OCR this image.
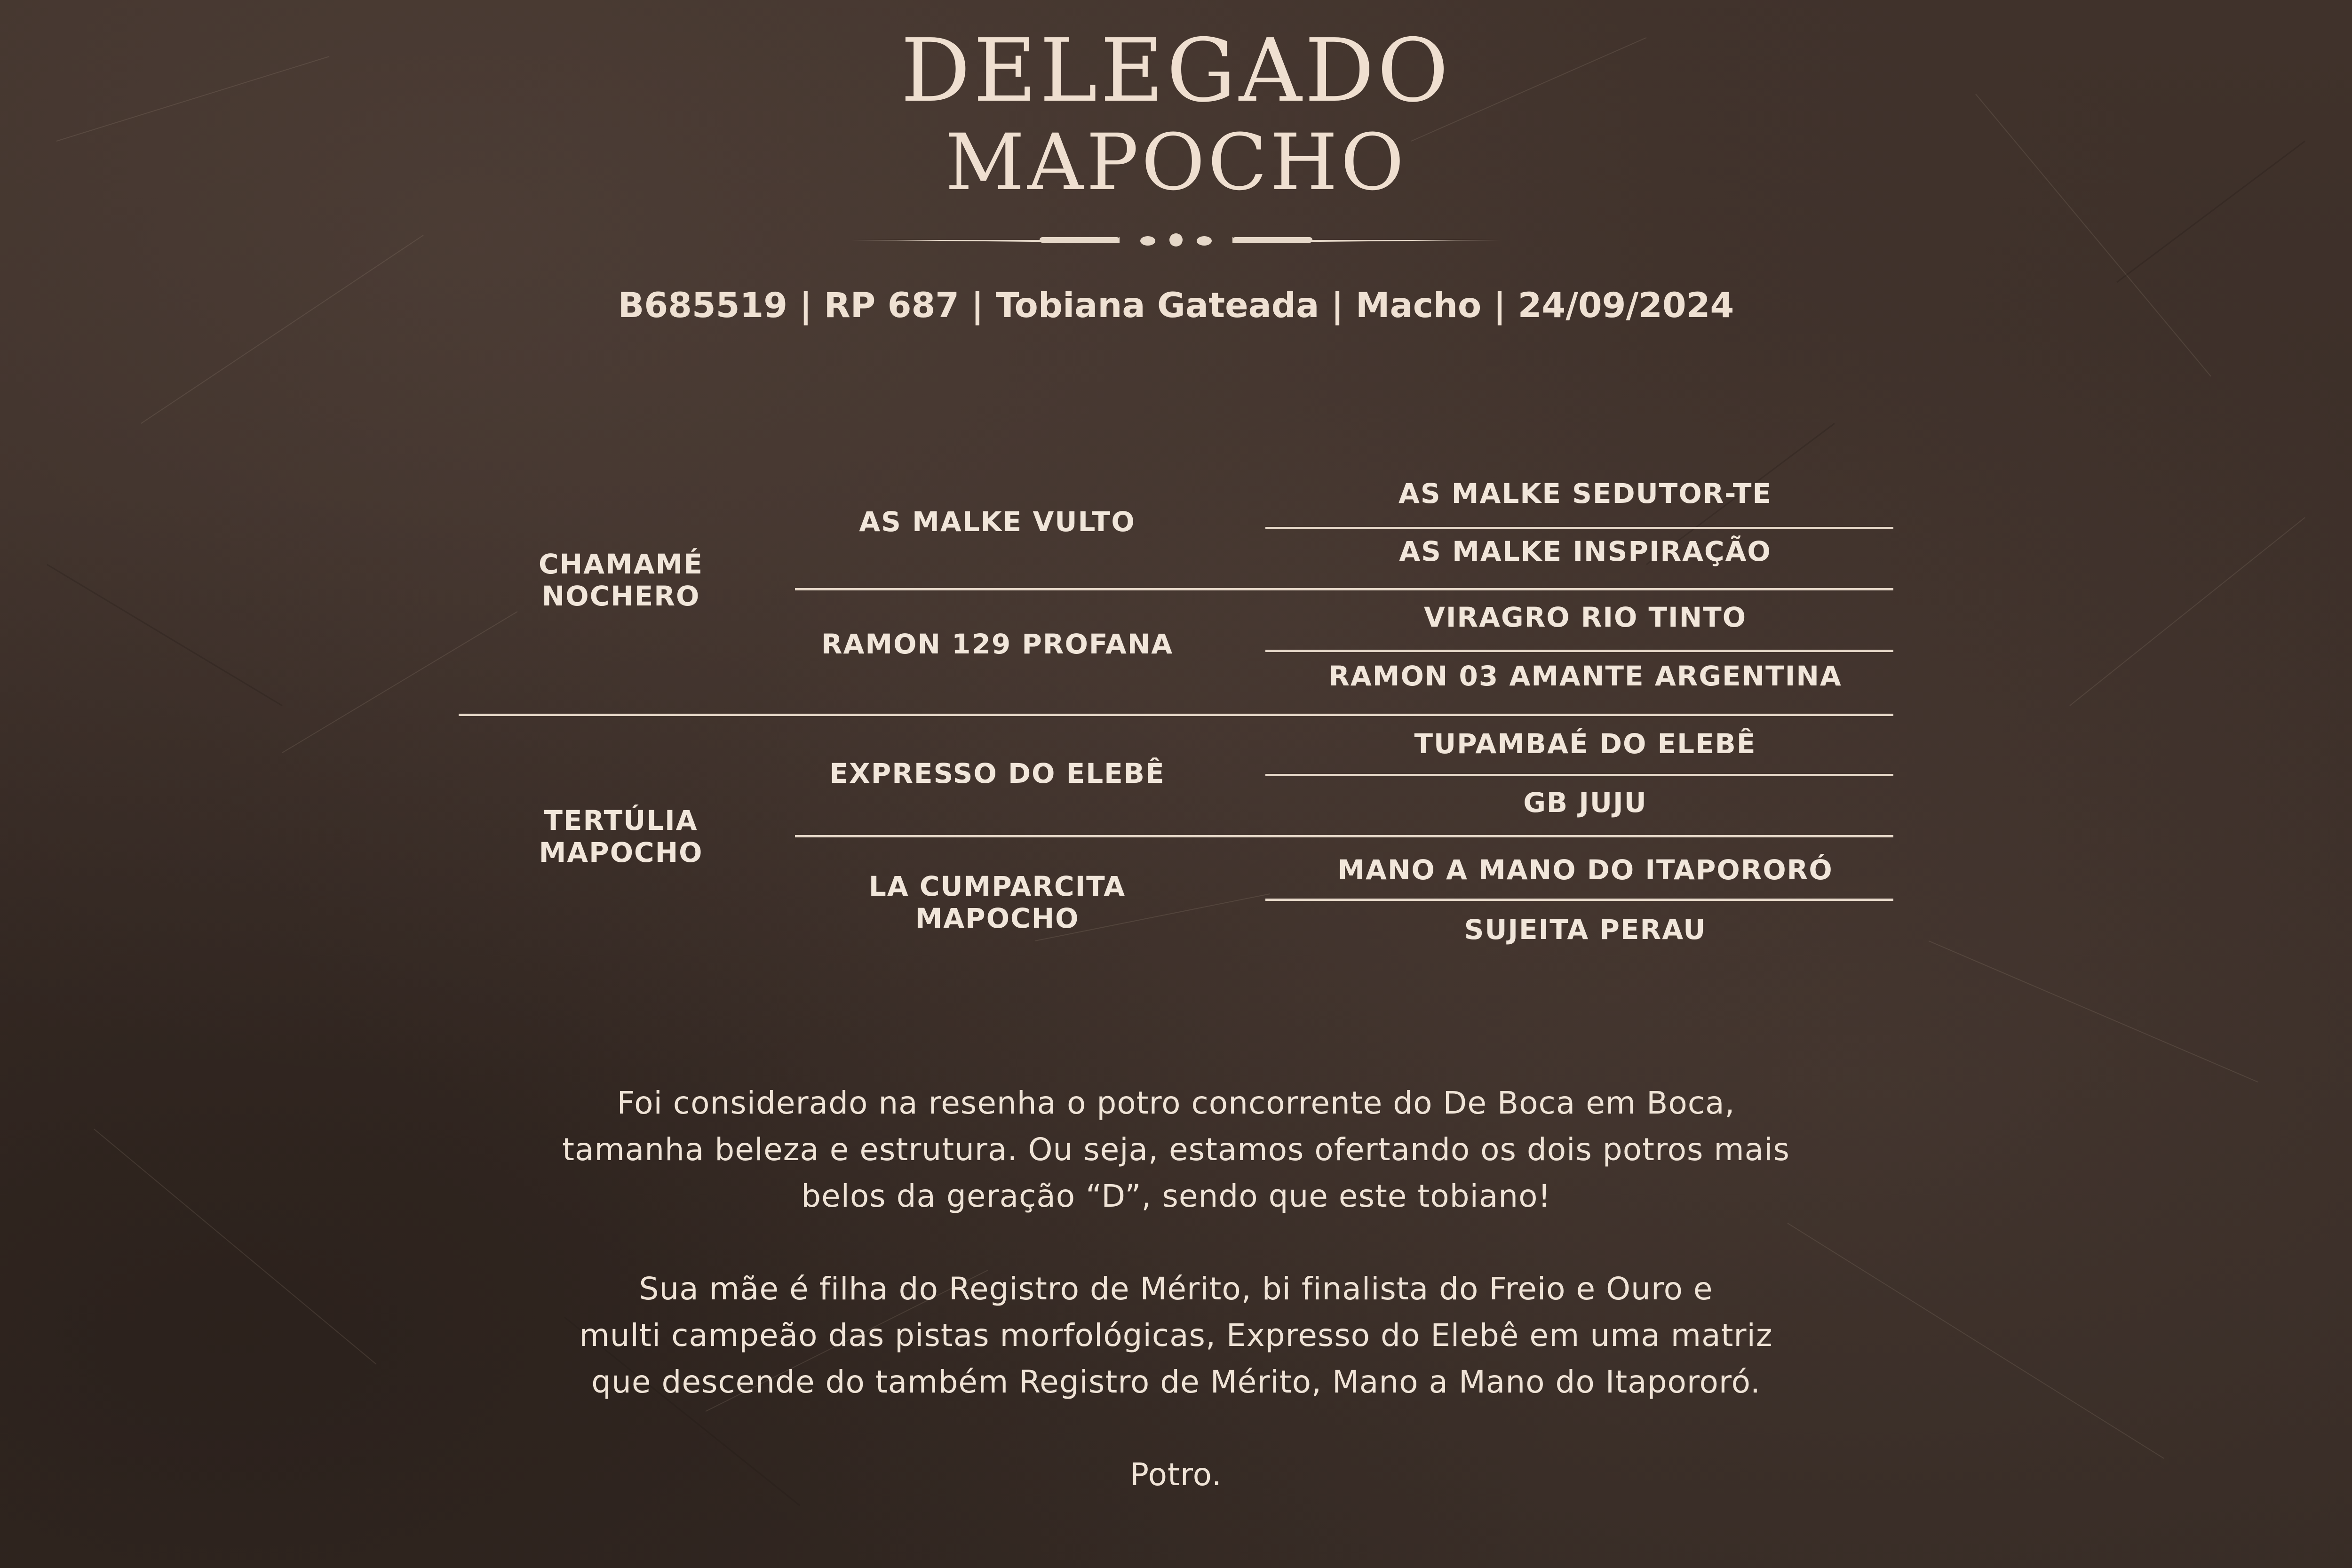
DELEGADO
MAPOCHO
B685519 | RP 687 | Tobiana Gateada | Macho | 24/09/2024
CHAMAMÉ
NOCHERO
TERTÚLIA
MAPOCHO
AS MALKE VULTO
RAMON 129 PROFANA
EXPRESSO DO ELEBÊ
LA CUMPARCITA
MAPOCHO
AS MALKE SEDUTOR-TE
AS MALKE INSPIRAÇÃO
VIRAGRO RIO TINTO
RAMON 03 AMANTE ARGENTINA
TUPAMBAÉ DO ELEBÊ
GB JUJU
MANO A MANO DO ITAPORORÓ
SUJEITA PERAU
Foi considerado na resenha o potro concorrente do De Boca em Boca,
tamanha beleza e estrutura. Ou seja, estamos ofertando os dois potros mais
belos da geração “D”, sendo que este tobiano!
Sua mãe é filha do Registro de Mérito, bi finalista do Freio e Ouro e
multi campeão das pistas morfológicas, Expresso do Elebê em uma matriz
que descende do também Registro de Mérito, Mano a Mano do Itapororó.
Potro.
